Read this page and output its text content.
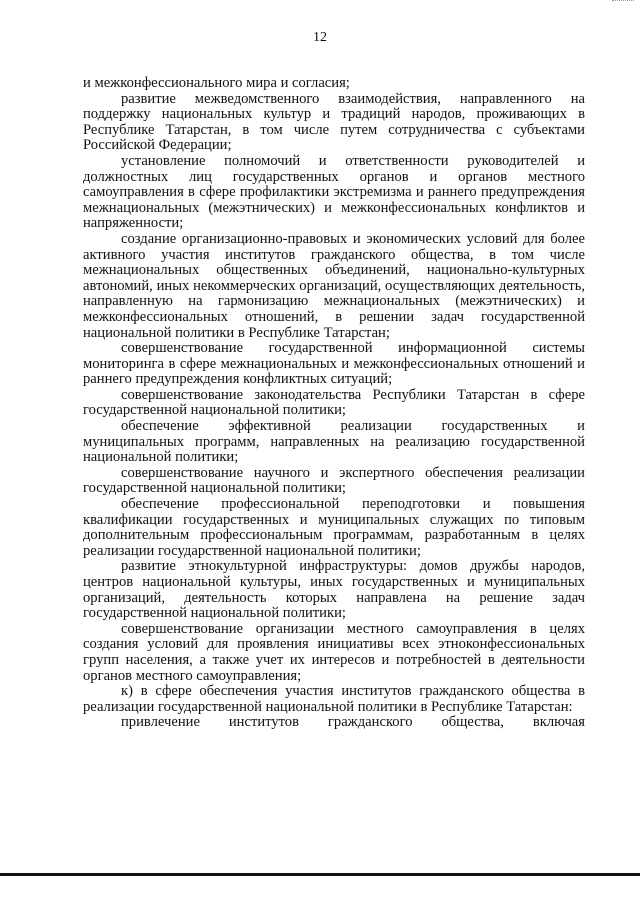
12

и межконфессионального мира и согласия;

развитие межведомственного взаимодействия, направленного на поддержку национальных культур и традиций народов, проживающих в Республике Татарстан, в том числе путем сотрудничества с субъектами Российской Федерации;

установление полномочий и ответственности руководителей и должностных лиц государственных органов и органов местного самоуправления в сфере профилактики экстремизма и раннего предупреждения межнациональных (межэтнических) и межконфессиональных конфликтов и напряженности;

создание организационно-правовых и экономических условий для более активного участия институтов гражданского общества, в том числе межнациональных общественных объединений, национально-культурных автономий, иных некоммерческих организаций, осуществляющих деятельность, направленную на гармонизацию межнациональных (межэтнических) и межконфессиональных отношений, в решении задач государственной национальной политики в Республике Татарстан;

совершенствование государственной информационной системы мониторинга в сфере межнациональных и межконфессиональных отношений и раннего предупреждения конфликтных ситуаций;

совершенствование законодательства Республики Татарстан в сфере государственной национальной политики;

обеспечение эффективной реализации государственных и муниципальных программ, направленных на реализацию государственной национальной политики;

совершенствование научного и экспертного обеспечения реализации государственной национальной политики;

обеспечение профессиональной переподготовки и повышения квалификации государственных и муниципальных служащих по типовым дополнительным профессиональным программам, разработанным в целях реализации государственной национальной политики;

развитие этнокультурной инфраструктуры: домов дружбы народов, центров национальной культуры, иных государственных и муниципальных организаций, деятельность которых направлена на решение задач государственной национальной политики;

совершенствование организации местного самоуправления в целях создания условий для проявления инициативы всех этноконфессиональных групп населения, а также учет их интересов и потребностей в деятельности органов местного самоуправления;

к) в сфере обеспечения участия институтов гражданского общества в реализации государственной национальной политики в Республике Татарстан:

привлечение институтов гражданского общества, включая
